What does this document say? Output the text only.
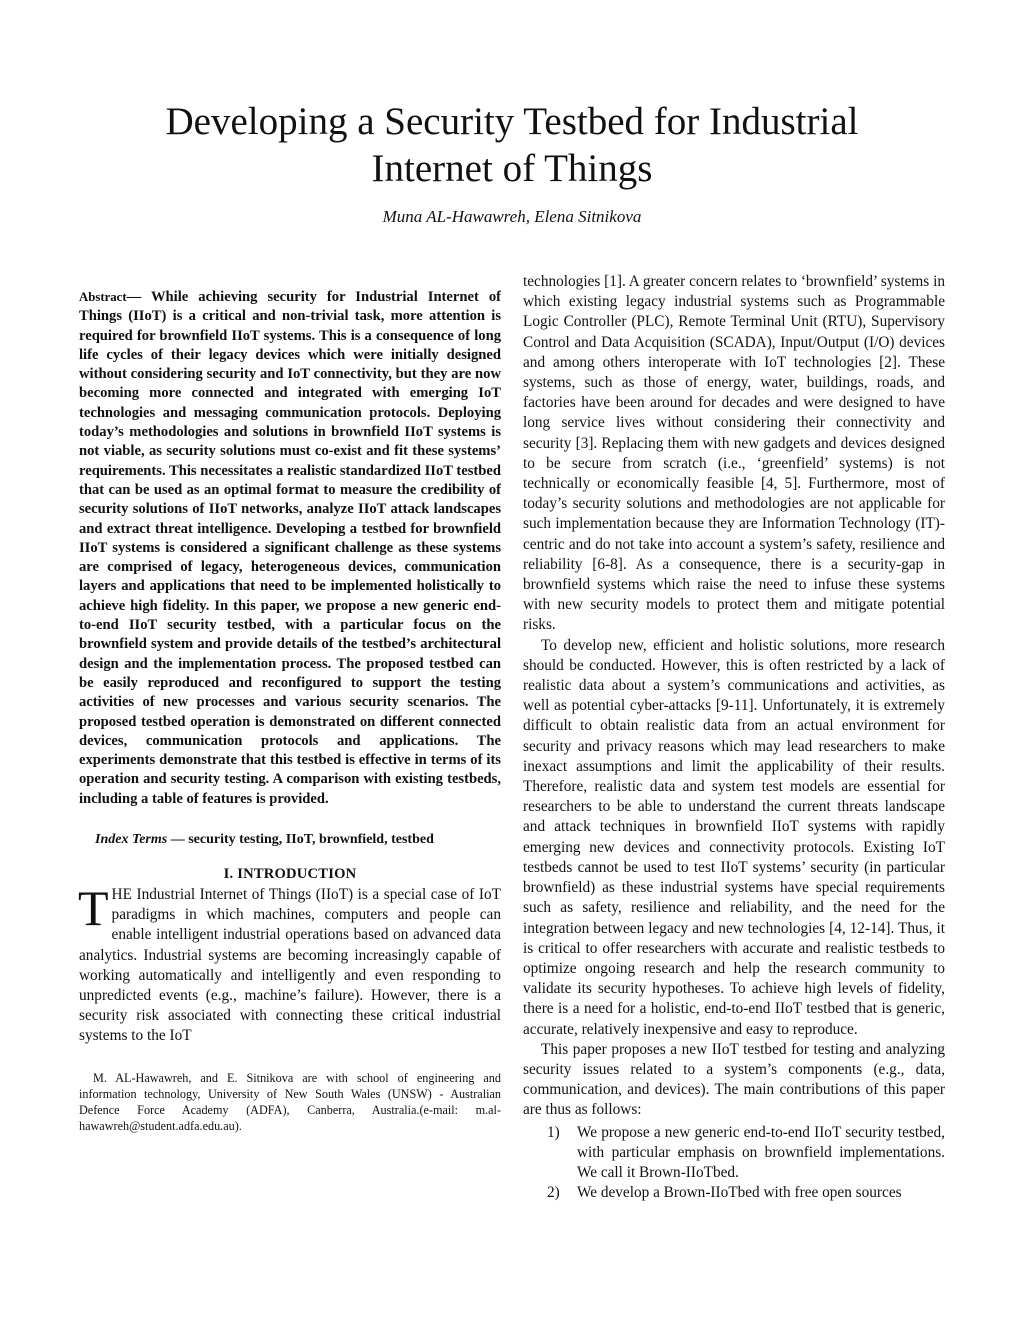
Developing a Security Testbed for Industrial
Internet of Things

Muna AL-Hawawreh, Elena Sitnikova

Abstract— While achieving security for Industrial Internet of Things (IIoT) is a critical and non-trivial task, more attention is required for brownfield IIoT systems. This is a consequence of long life cycles of their legacy devices which were initially designed without considering security and IoT connectivity, but they are now becoming more connected and integrated with emerging IoT technologies and messaging communication protocols. Deploying today’s methodologies and solutions in brownfield IIoT systems is not viable, as security solutions must co-exist and fit these systems’ requirements. This necessitates a realistic standardized IIoT testbed that can be used as an optimal format to measure the credibility of security solutions of IIoT networks, analyze IIoT attack landscapes and extract threat intelligence. Developing a testbed for brownfield IIoT systems is considered a significant challenge as these systems are comprised of legacy, heterogeneous devices, communication layers and applications that need to be implemented holistically to achieve high fidelity. In this paper, we propose a new generic end-to-end IIoT security testbed, with a particular focus on the brownfield system and provide details of the testbed’s architectural design and the implementation process. The proposed testbed can be easily reproduced and reconfigured to support the testing activities of new processes and various security scenarios. The proposed testbed operation is demonstrated on different connected devices, communication protocols and applications. The experiments demonstrate that this testbed is effective in terms of its operation and security testing. A comparison with existing testbeds, including a table of features is provided.

Index Terms — security testing, IIoT, brownfield, testbed

I. INTRODUCTION

THE Industrial Internet of Things (IIoT) is a special case of IoT paradigms in which machines, computers and people can enable intelligent industrial operations based on advanced data analytics. Industrial systems are becoming increasingly capable of working automatically and intelligently and even responding to unpredicted events (e.g., machine’s failure). However, there is a security risk associated with connecting these critical industrial systems to the IoT

M. AL-Hawawreh, and E. Sitnikova are with school of engineering and information technology, University of New South Wales (UNSW) - Australian Defence Force Academy (ADFA), Canberra, Australia.(e-mail: m.al-hawawreh@student.adfa.edu.au).

technologies [1]. A greater concern relates to ‘brownfield’ systems in which existing legacy industrial systems such as Programmable Logic Controller (PLC), Remote Terminal Unit (RTU), Supervisory Control and Data Acquisition (SCADA), Input/Output (I/O) devices and among others interoperate with IoT technologies [2]. These systems, such as those of energy, water, buildings, roads, and factories have been around for decades and were designed to have long service lives without considering their connectivity and security [3]. Replacing them with new gadgets and devices designed to be secure from scratch (i.e., ‘greenfield’ systems) is not technically or economically feasible [4, 5]. Furthermore, most of today’s security solutions and methodologies are not applicable for such implementation because they are Information Technology (IT)-centric and do not take into account a system’s safety, resilience and reliability [6-8]. As a consequence, there is a security-gap in brownfield systems which raise the need to infuse these systems with new security models to protect them and mitigate potential risks.

To develop new, efficient and holistic solutions, more research should be conducted. However, this is often restricted by a lack of realistic data about a system’s communications and activities, as well as potential cyber-attacks [9-11]. Unfortunately, it is extremely difficult to obtain realistic data from an actual environment for security and privacy reasons which may lead researchers to make inexact assumptions and limit the applicability of their results. Therefore, realistic data and system test models are essential for researchers to be able to understand the current threats landscape and attack techniques in brownfield IIoT systems with rapidly emerging new devices and connectivity protocols. Existing IoT testbeds cannot be used to test IIoT systems’ security (in particular brownfield) as these industrial systems have special requirements such as safety, resilience and reliability, and the need for the integration between legacy and new technologies [4, 12-14]. Thus, it is critical to offer researchers with accurate and realistic testbeds to optimize ongoing research and help the research community to validate its security hypotheses. To achieve high levels of fidelity, there is a need for a holistic, end-to-end IIoT testbed that is generic, accurate, relatively inexpensive and easy to reproduce.

This paper proposes a new IIoT testbed for testing and analyzing security issues related to a system’s components (e.g., data, communication, and devices). The main contributions of this paper are thus as follows:

1)	We propose a new generic end-to-end IIoT security testbed, with particular emphasis on brownfield implementations. We call it Brown-IIoTbed.
2)	We develop a Brown-IIoTbed with free open sources
